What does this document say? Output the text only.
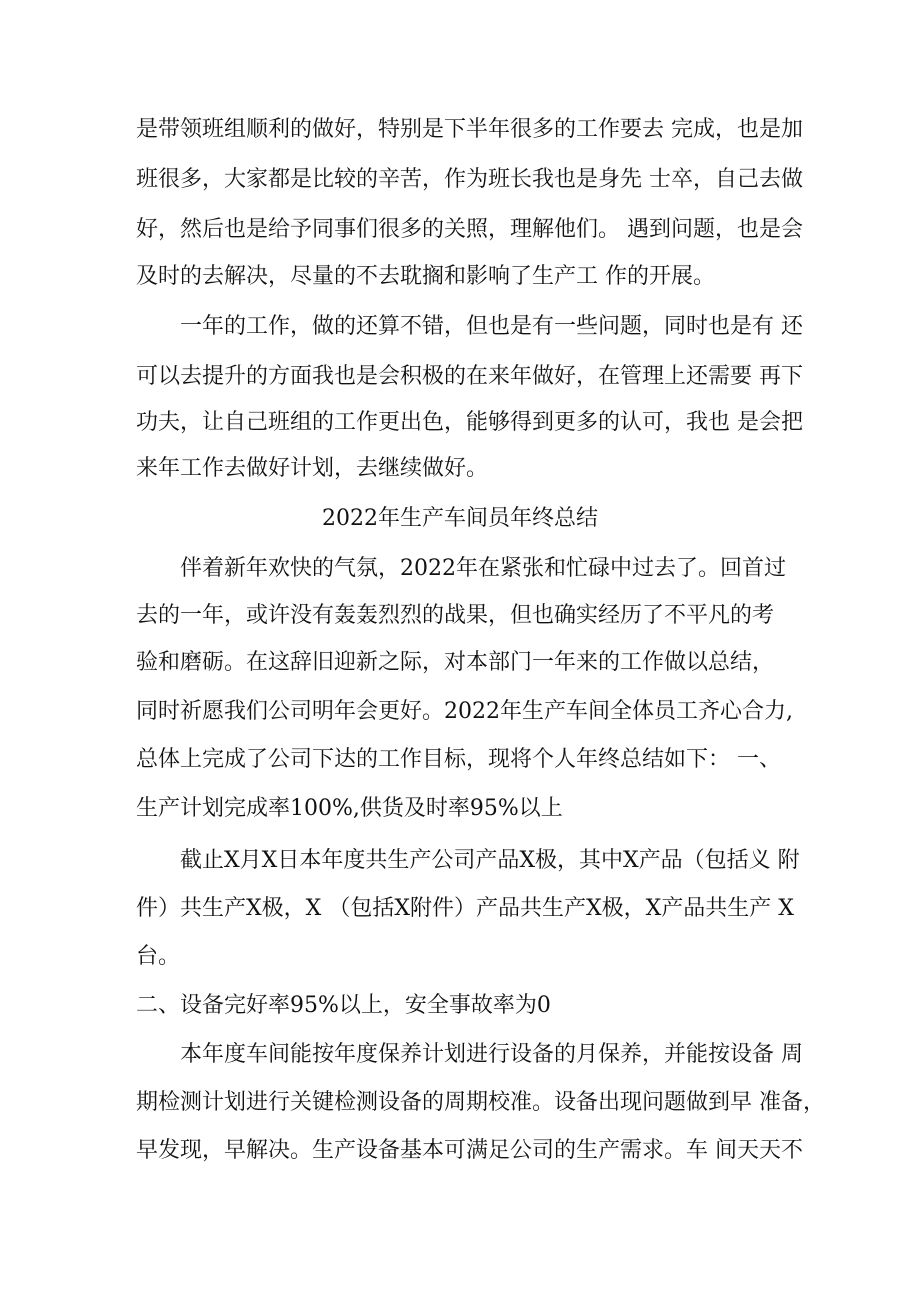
是带领班组顺利的做好，特别是下半年很多的工作要去 完成，也是加
班很多，大家都是比较的辛苦，作为班长我也是身先 士卒，自己去做
好，然后也是给予同事们很多的关照，理解他们。 遇到问题，也是会
及时的去解决，尽量的不去耽搁和影响了生产工 作的开展。
一年的工作，做的还算不错，但也是有一些问题，同时也是有 还
可以去提升的方面我也是会积极的在来年做好，在管理上还需要 再下
功夫，让自己班组的工作更出色，能够得到更多的认可，我也 是会把
来年工作去做好计划，去继续做好。
2022年生产车间员年终总结
伴着新年欢快的气氛，2022年在紧张和忙碌中过去了。回首过
去的一年，或许没有轰轰烈烈的战果，但也确实经历了不平凡的考
验和磨砺。在这辞旧迎新之际，对本部门一年来的工作做以总结，
同时祈愿我们公司明年会更好。2022年生产车间全体员工齐心合力,
总体上完成了公司下达的工作目标，现将个人年终总结如下： 一、
生产计划完成率100%,供货及时率95%以上
截止X月X日本年度共生产公司产品X极，其中X产品（包括义 附
件）共生产X极，X （包括X附件）产品共生产X极，X产品共生产 X
台。
二、设备完好率95%以上，安全事故率为0
本年度车间能按年度保养计划进行设备的月保养，并能按设备 周
期检测计划进行关键检测设备的周期校准。设备出现问题做到早 准备，
早发现，早解决。生产设备基本可满足公司的生产需求。车 间天天不
